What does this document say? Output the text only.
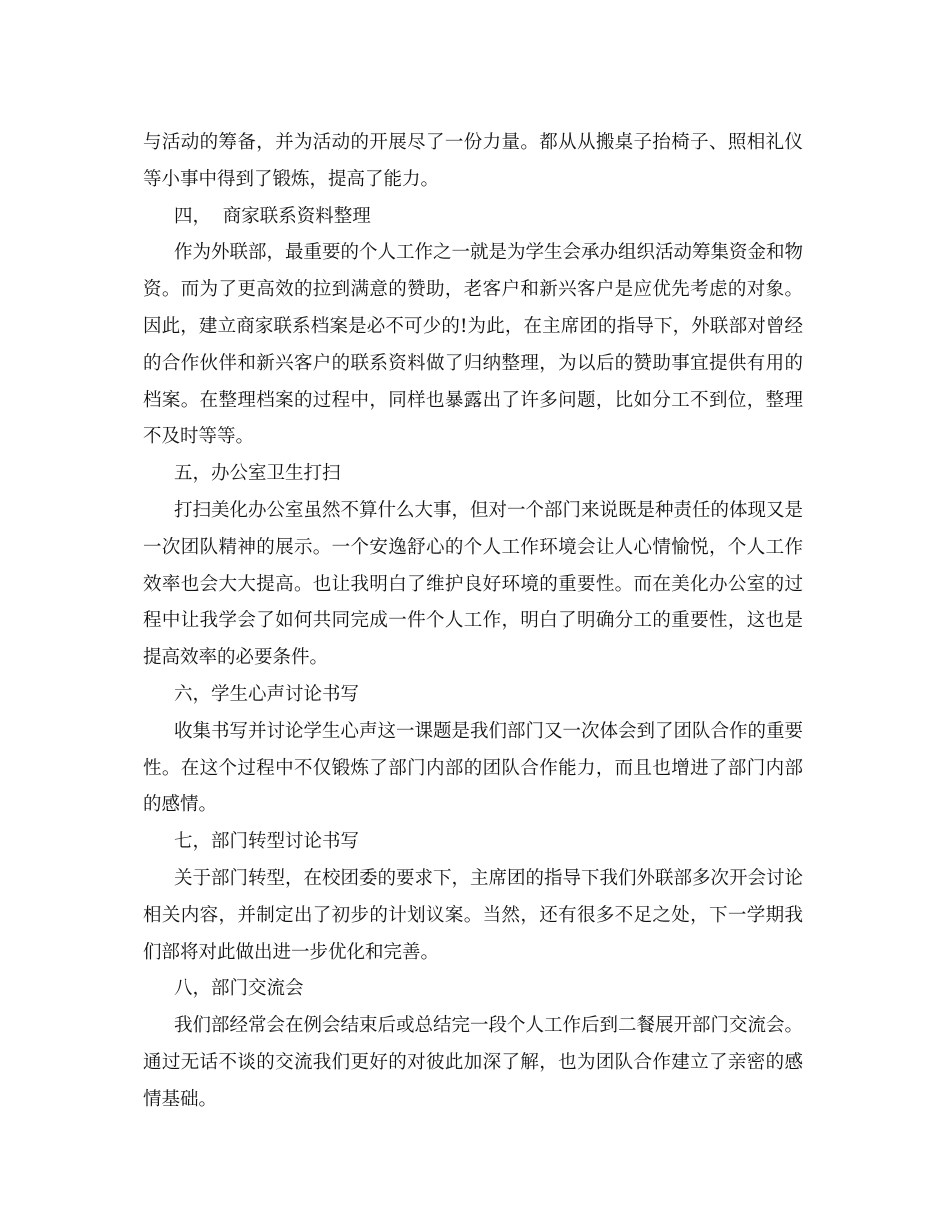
与活动的筹备，并为活动的开展尽了一份力量。都从从搬桌子抬椅子、照相礼仪等小事中得到了锻炼，提高了能力。

四，  商家联系资料整理

作为外联部，最重要的个人工作之一就是为学生会承办组织活动筹集资金和物资。而为了更高效的拉到满意的赞助，老客户和新兴客户是应优先考虑的对象。因此，建立商家联系档案是必不可少的!为此，在主席团的指导下，外联部对曾经的合作伙伴和新兴客户的联系资料做了归纳整理，为以后的赞助事宜提供有用的档案。在整理档案的过程中，同样也暴露出了许多问题，比如分工不到位，整理不及时等等。

五，办公室卫生打扫

打扫美化办公室虽然不算什么大事，但对一个部门来说既是种责任的体现又是一次团队精神的展示。一个安逸舒心的个人工作环境会让人心情愉悦，个人工作效率也会大大提高。也让我明白了维护良好环境的重要性。而在美化办公室的过程中让我学会了如何共同完成一件个人工作，明白了明确分工的重要性，这也是提高效率的必要条件。

六，学生心声讨论书写

收集书写并讨论学生心声这一课题是我们部门又一次体会到了团队合作的重要性。在这个过程中不仅锻炼了部门内部的团队合作能力，而且也增进了部门内部的感情。

七，部门转型讨论书写

关于部门转型，在校团委的要求下，主席团的指导下我们外联部多次开会讨论相关内容，并制定出了初步的计划议案。当然，还有很多不足之处，下一学期我们部将对此做出进一步优化和完善。

八，部门交流会

我们部经常会在例会结束后或总结完一段个人工作后到二餐展开部门交流会。通过无话不谈的交流我们更好的对彼此加深了解，也为团队合作建立了亲密的感情基础。
